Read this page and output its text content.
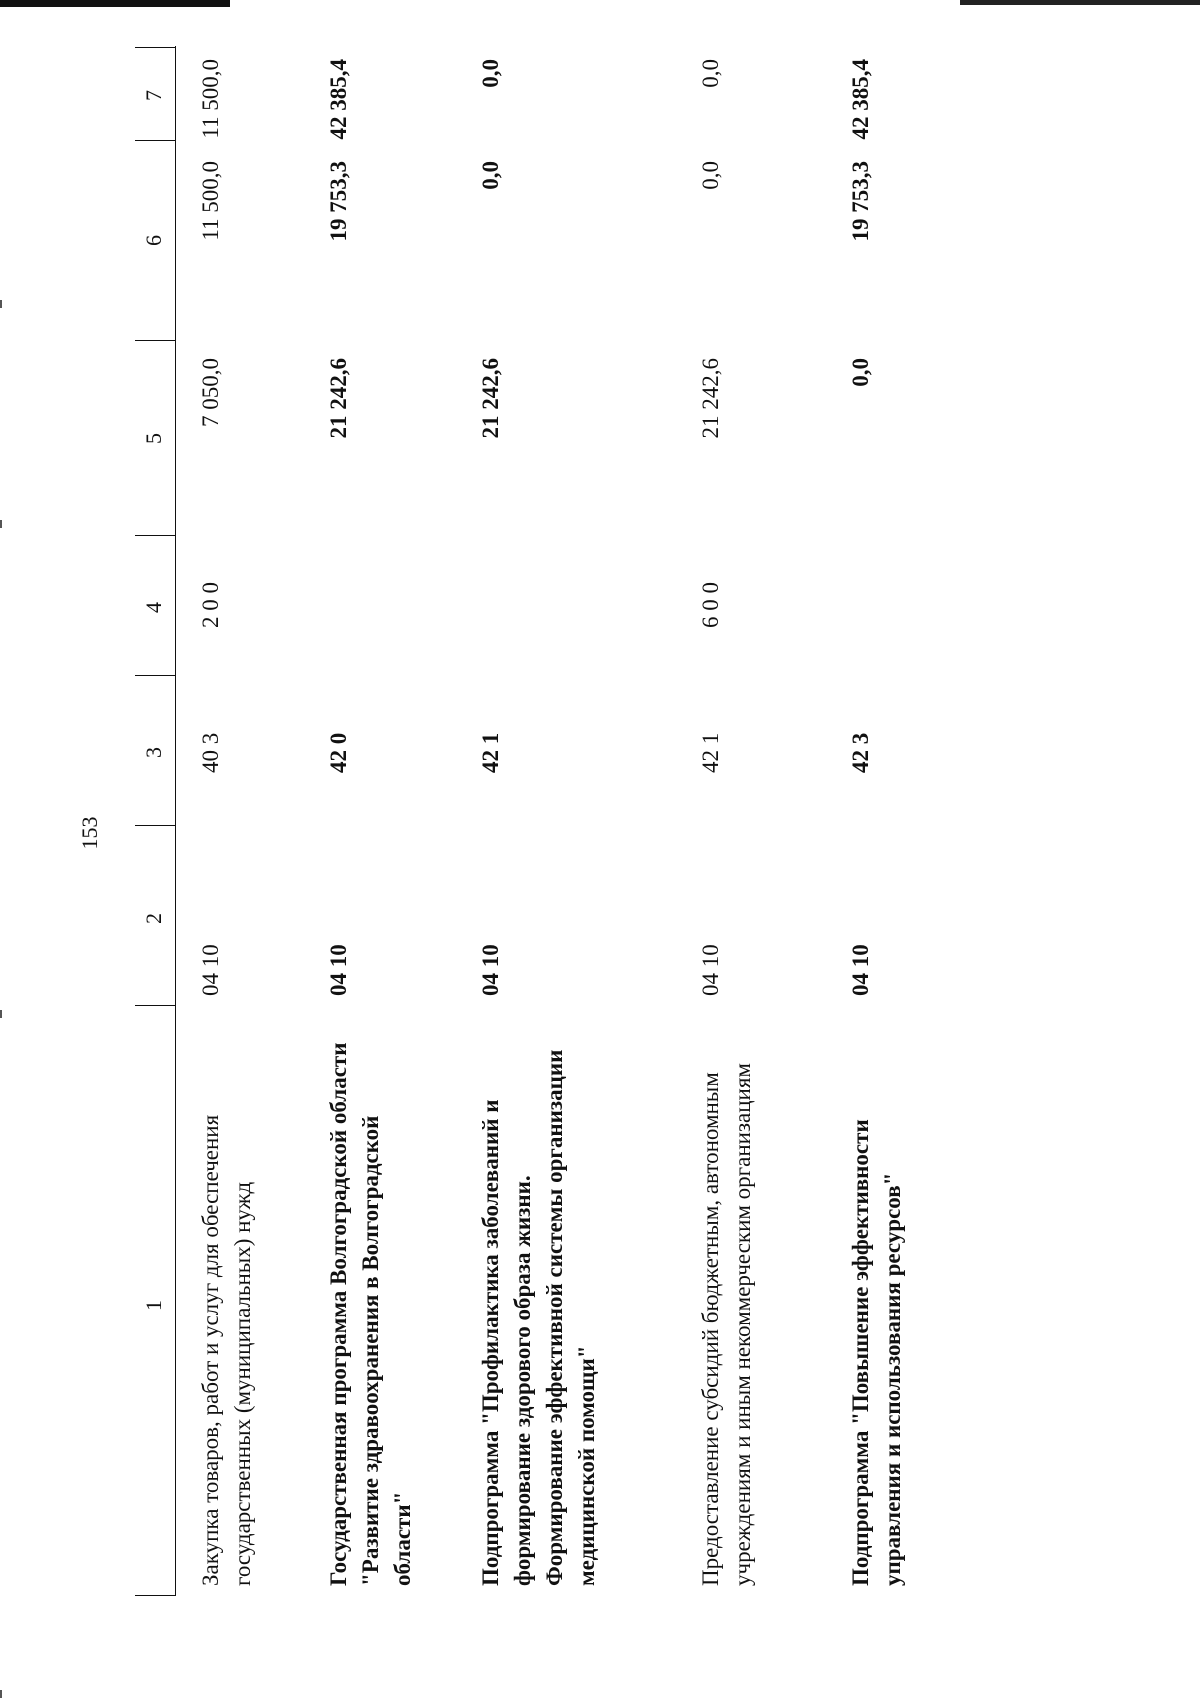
153
1
2
3
4
5
6
7
Закупка товаров, работ и услуг для обеспечения государственных (муниципальных) нужд
04 10
40 3
2 0 0
7 050,0
11 500,0
11 500,0
Государственная программа Волгоградской области "Развитие здравоохранения в Волгоградской области"
04 10
42 0
21 242,6
19 753,3
42 385,4
Подпрограмма "Профилактика заболеваний и формирование здорового образа жизни. Формирование эффективной системы организации медицинской помощи"
04 10
42 1
21 242,6
0,0
0,0
Предоставление субсидий бюджетным, автономным учреждениям и иным некоммерческим организациям
04 10
42 1
6 0 0
21 242,6
0,0
0,0
Подпрограмма "Повышение эффективности управления и использования ресурсов"
04 10
42 3
0,0
19 753,3
42 385,4
